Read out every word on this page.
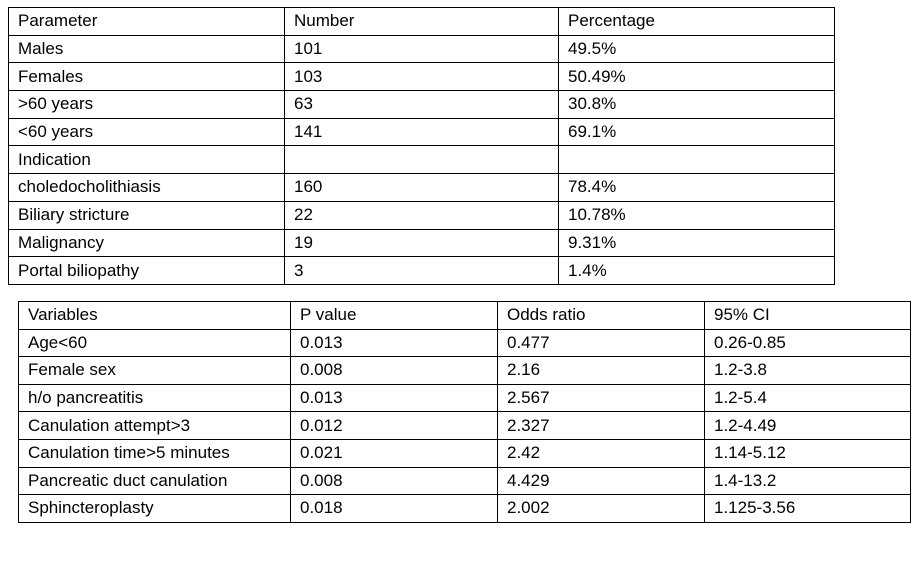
Parameter	Number	Percentage
Males	101	49.5%
Females	103	50.49%
>60 years	63	30.8%
<60 years	141	69.1%
Indication		
choledocholithiasis	160	78.4%
Biliary stricture	22	10.78%
Malignancy	19	9.31%
Portal biliopathy	3	1.4%
Variables	P value	Odds ratio	95% CI
Age<60	0.013	0.477	0.26-0.85
Female sex	0.008	2.16	1.2-3.8
h/o pancreatitis	0.013	2.567	1.2-5.4
Canulation attempt>3	0.012	2.327	1.2-4.49
Canulation time>5 minutes	0.021	2.42	1.14-5.12
Pancreatic duct canulation	0.008	4.429	1.4-13.2
Sphincteroplasty	0.018	2.002	1.125-3.56
